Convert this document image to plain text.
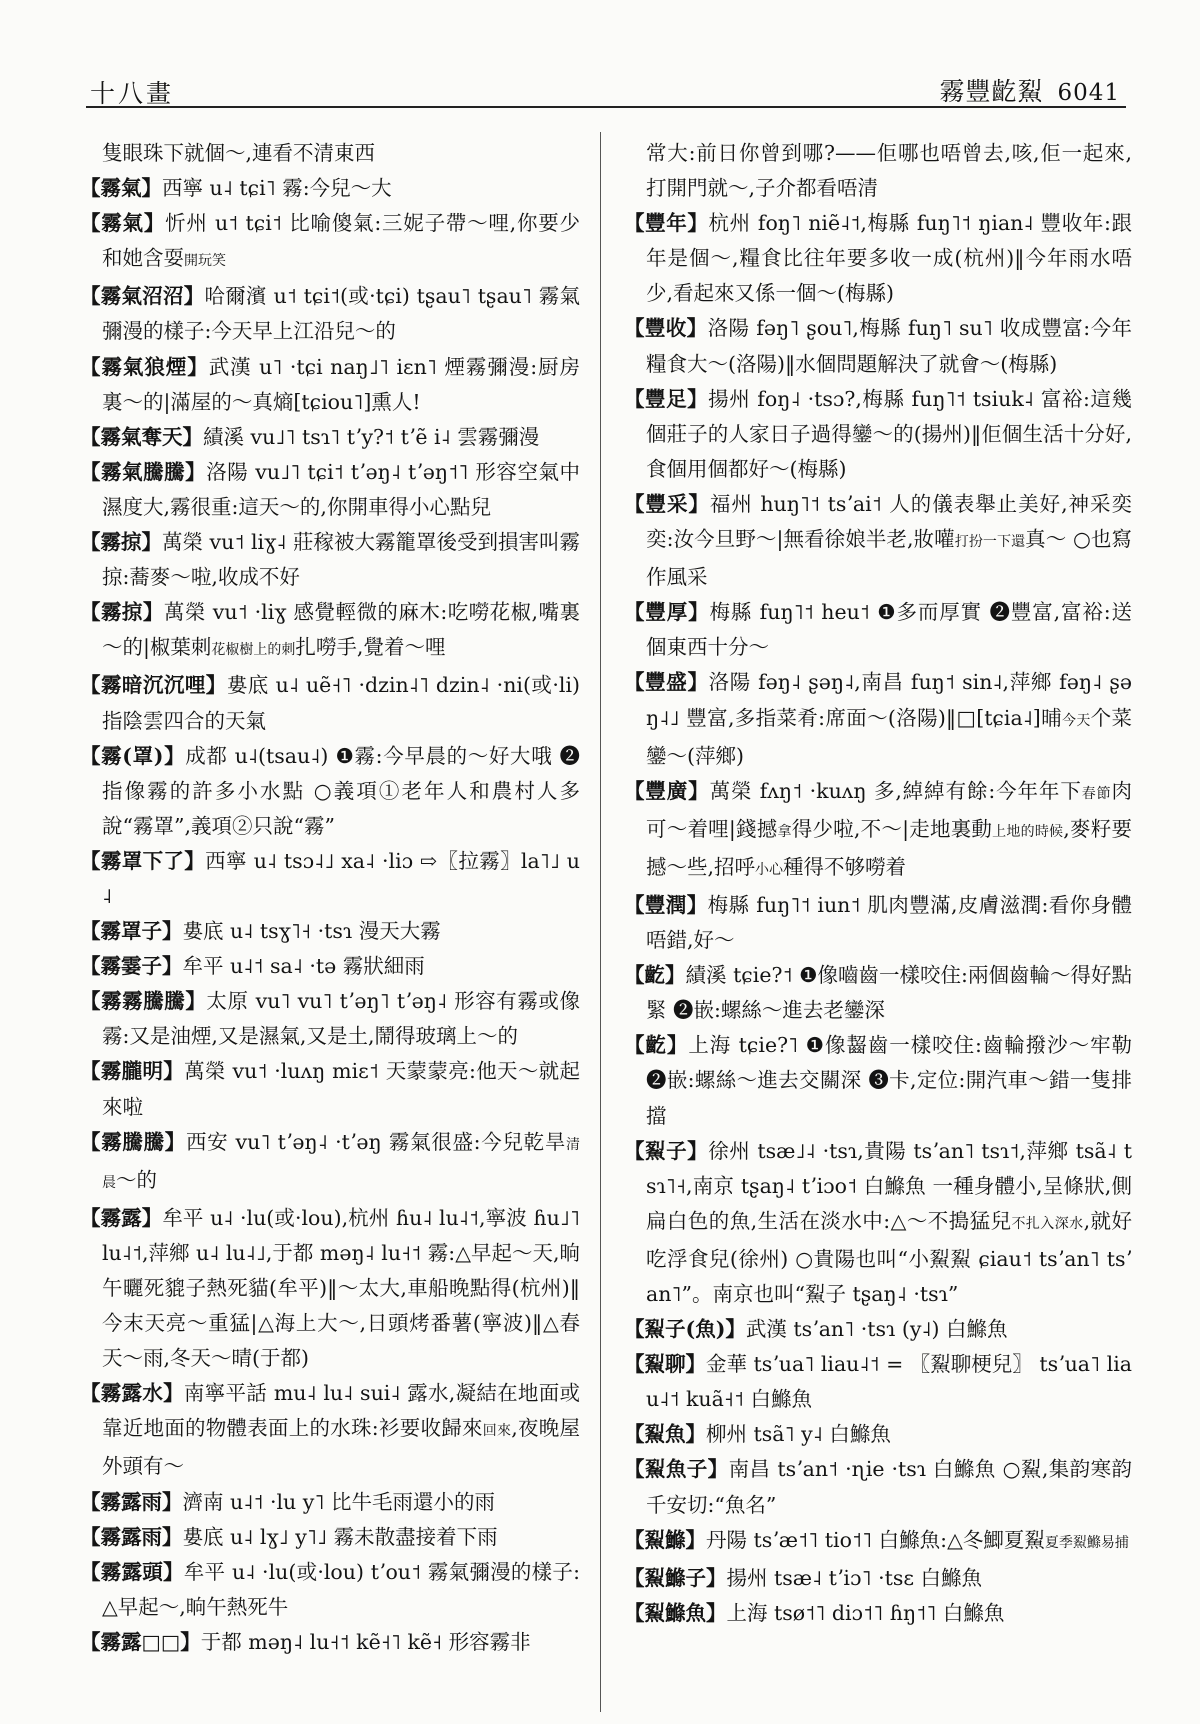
十八畫	霧豐齕鮤 6041
隻眼珠下就個～,連看不清東西
【霧氣】西寧 u˨ tɕi˥ 霧:今兒～大
【霧氣】忻州 u˦ tɕi˦ 比喻傻氣:三妮子帶～哩,你要少和她含耍開玩笑
【霧氣沼沼】哈爾濱 u˦ tɕi˦(或·tɕi) tʂau˥ tʂau˥ 霧氣彌漫的樣子:今天早上江沿兒～的
【霧氣狼煙】武漢 u˥ ·tɕi naŋ˩˥ iɛn˥ 煙霧彌漫:厨房裏～的|滿屋的～真熵[tɕiou˥]熏人!
【霧氣奪天】績溪 vu˩˥ tsɿ˥ tʼy?˦ tʼẽ i˨ 雲霧彌漫
【霧氣騰騰】洛陽 vu˩˥ tɕi˦ tʼəŋ˨ tʼəŋ˦˥ 形容空氣中濕度大,霧很重:這天～的,你開車得小心點兒
【霧掠】萬榮 vu˦ liɣ˨ 莊稼被大霧籠罩後受到損害叫霧掠:蕎麥～啦,收成不好
【霧掠】萬榮 vu˦ ·liɣ 感覺輕微的麻木:吃嘮花椒,嘴裏～的|椒葉刺花椒樹上的刺扎嘮手,覺着～哩
【霧暗沉沉哩】婁底 u˨ uẽ˧˥ ·dzin˨˥ dzin˨ ·ni(或·li) 指陰雲四合的天氣
【霧(罩)】成都 u˨(tsau˨) ❶霧:今早晨的～好大哦 ❷指像霧的許多小水點 ○義項①老年人和農村人多說“霧罩”,義項②只說“霧”
【霧罩下了】西寧 u˨ tsɔ˨˩ xa˨ ·liɔ ⇨〖拉霧〗la˥˩ u˨
【霧罩子】婁底 u˨ tsɣ˥˧ ·tsɿ 漫天大霧
【霧霎子】牟平 u˨˦ sa˨ ·tə 霧狀細雨
【霧霧騰騰】太原 vu˥ vu˥ tʼəŋ˥ tʼəŋ˨ 形容有霧或像霧:又是油煙,又是濕氣,又是土,鬧得玻璃上～的
【霧朧明】萬榮 vu˦ ·luʌŋ miɛ˦ 天蒙蒙亮:他天～就起來啦
【霧騰騰】西安 vu˥ tʼəŋ˨ ·tʼəŋ 霧氣很盛:今兒乾旱清晨～的
【霧露】牟平 u˨ ·lu(或·lou),杭州 ɦu˨ lu˨˦,寧波 ɦu˩˥ lu˨˦,萍鄉 u˨ lu˨˩,于都 məŋ˨ lu˧˦ 霧:△早起～天,晌午曬死貔子熱死貓(牟平)‖～太大,車船晚點得(杭州)‖今末天亮～重猛|△海上大～,日頭烤番薯(寧波)‖△春天～雨,冬天～晴(于都)
【霧露水】南寧平話 mu˨ lu˨ sui˨ 露水,凝結在地面或靠近地面的物體表面上的水珠:衫要收歸來回來,夜晚屋外頭有～
【霧露雨】濟南 u˨˦ ·lu y˥ 比牛毛雨還小的雨
【霧露雨】婁底 u˨ lɣ˩ y˥˩ 霧未散盡接着下雨
【霧露頭】牟平 u˨ ·lu(或·lou) tʼou˦ 霧氣彌漫的樣子:△早起～,晌午熱死牛
【霧露□□】于都 məŋ˨ lu˧˦ kẽ˧˥ kẽ˧ 形容霧非
常大:前日你曾到哪?——佢哪也唔曾去,咳,佢一起來,打開門就～,子介都看唔清
【豐年】杭州 foŋ˥ niẽ˨˦,梅縣 fuŋ˥˦ ŋian˨ 豐收年:跟年是個～,糧食比往年要多收一成(杭州)‖今年雨水唔少,看起來又係一個～(梅縣)
【豐收】洛陽 fəŋ˥ ʂou˥,梅縣 fuŋ˥ su˥ 收成豐富:今年糧食大～(洛陽)‖水個問題解決了就會～(梅縣)
【豐足】揚州 foŋ˨ ·tsɔ?,梅縣 fuŋ˥˦ tsiuk˨ 富裕:這幾個莊子的人家日子過得鑾～的(揚州)‖佢個生活十分好,食個用個都好～(梅縣)
【豐采】福州 huŋ˥˦ tsʼai˦ 人的儀表舉止美好,神采奕奕:汝今旦野～|無看徐娘半老,妝嚾打扮一下還真～ ○也寫作風采
【豐厚】梅縣 fuŋ˥˦ heu˦ ❶多而厚實 ❷豐富,富裕:送個東西十分～
【豐盛】洛陽 fəŋ˨ ʂəŋ˨,南昌 fuŋ˦ sin˨,萍鄉 fəŋ˨ ʂəŋ˨˩ 豐富,多指菜肴:席面～(洛陽)‖□[tɕia˨]晡今天个菜鑾～(萍鄉)
【豐廣】萬榮 fʌŋ˦ ·kuʌŋ 多,綽綽有餘:今年年下春節肉可～着哩|錢撼拿得少啦,不～|走地裏動上地的時候,麥籽要撼～些,招呼小心種得不够嘮着
【豐潤】梅縣 fuŋ˥˦ iun˦ 肌肉豐滿,皮膚滋潤:看你身體唔錯,好～
【齕】績溪 tɕie?˦ ❶像嚙齒一樣咬住:兩個齒輪～得好點緊 ❷嵌:螺絲～進去老鑾深
【齕】上海 tɕie?˥ ❶像齧齒一樣咬住:齒輪撥沙～牢勒 ❷嵌:螺絲～進去交關深 ❸卡,定位:開汽車～錯一隻排擋
【鮤子】徐州 tsæ˩˨ ·tsɿ,貴陽 tsʼan˥ tsɿ˦,萍鄉 tsã˨ tsɿ˥˧,南京 tʂaŋ˨ tʼiɔo˦ 白鰷魚 一種身體小,呈條狀,側扁白色的魚,生活在淡水中:△～不搗猛兒不扎入深水,就好吃浮食兒(徐州) ○貴陽也叫“小鮤鮤 ɕiau˦ tsʼan˥ tsʼan˥”。南京也叫“鮤子 tʂaŋ˨ ·tsɿ”
【鮤子(魚)】武漢 tsʼan˥ ·tsɿ (y˨) 白鰷魚
【鮤聊】金華 tsʼua˥ liau˨˦ = 〖鮤聊梗兒〗 tsʼua˥ liau˨˦ kuã˧˦ 白鰷魚
【鮤魚】柳州 tsã˥ y˨ 白鰷魚
【鮤魚子】南昌 tsʼan˦ ·ɳie ·tsɿ 白鰷魚 ○鮤,集韵寒韵千安切:“魚名”
【鮤鰷】丹陽 tsʼæ˦˥ tio˦˥ 白鰷魚:△冬鯽夏鮤夏季鮤鰷易捕
【鮤鰷子】揚州 tsæ˨ tʼiɔ˥ ·tsɛ 白鰷魚
【鮤鰷魚】上海 tsø˦˥ diɔ˦˥ ɦŋ˦˥ 白鰷魚
